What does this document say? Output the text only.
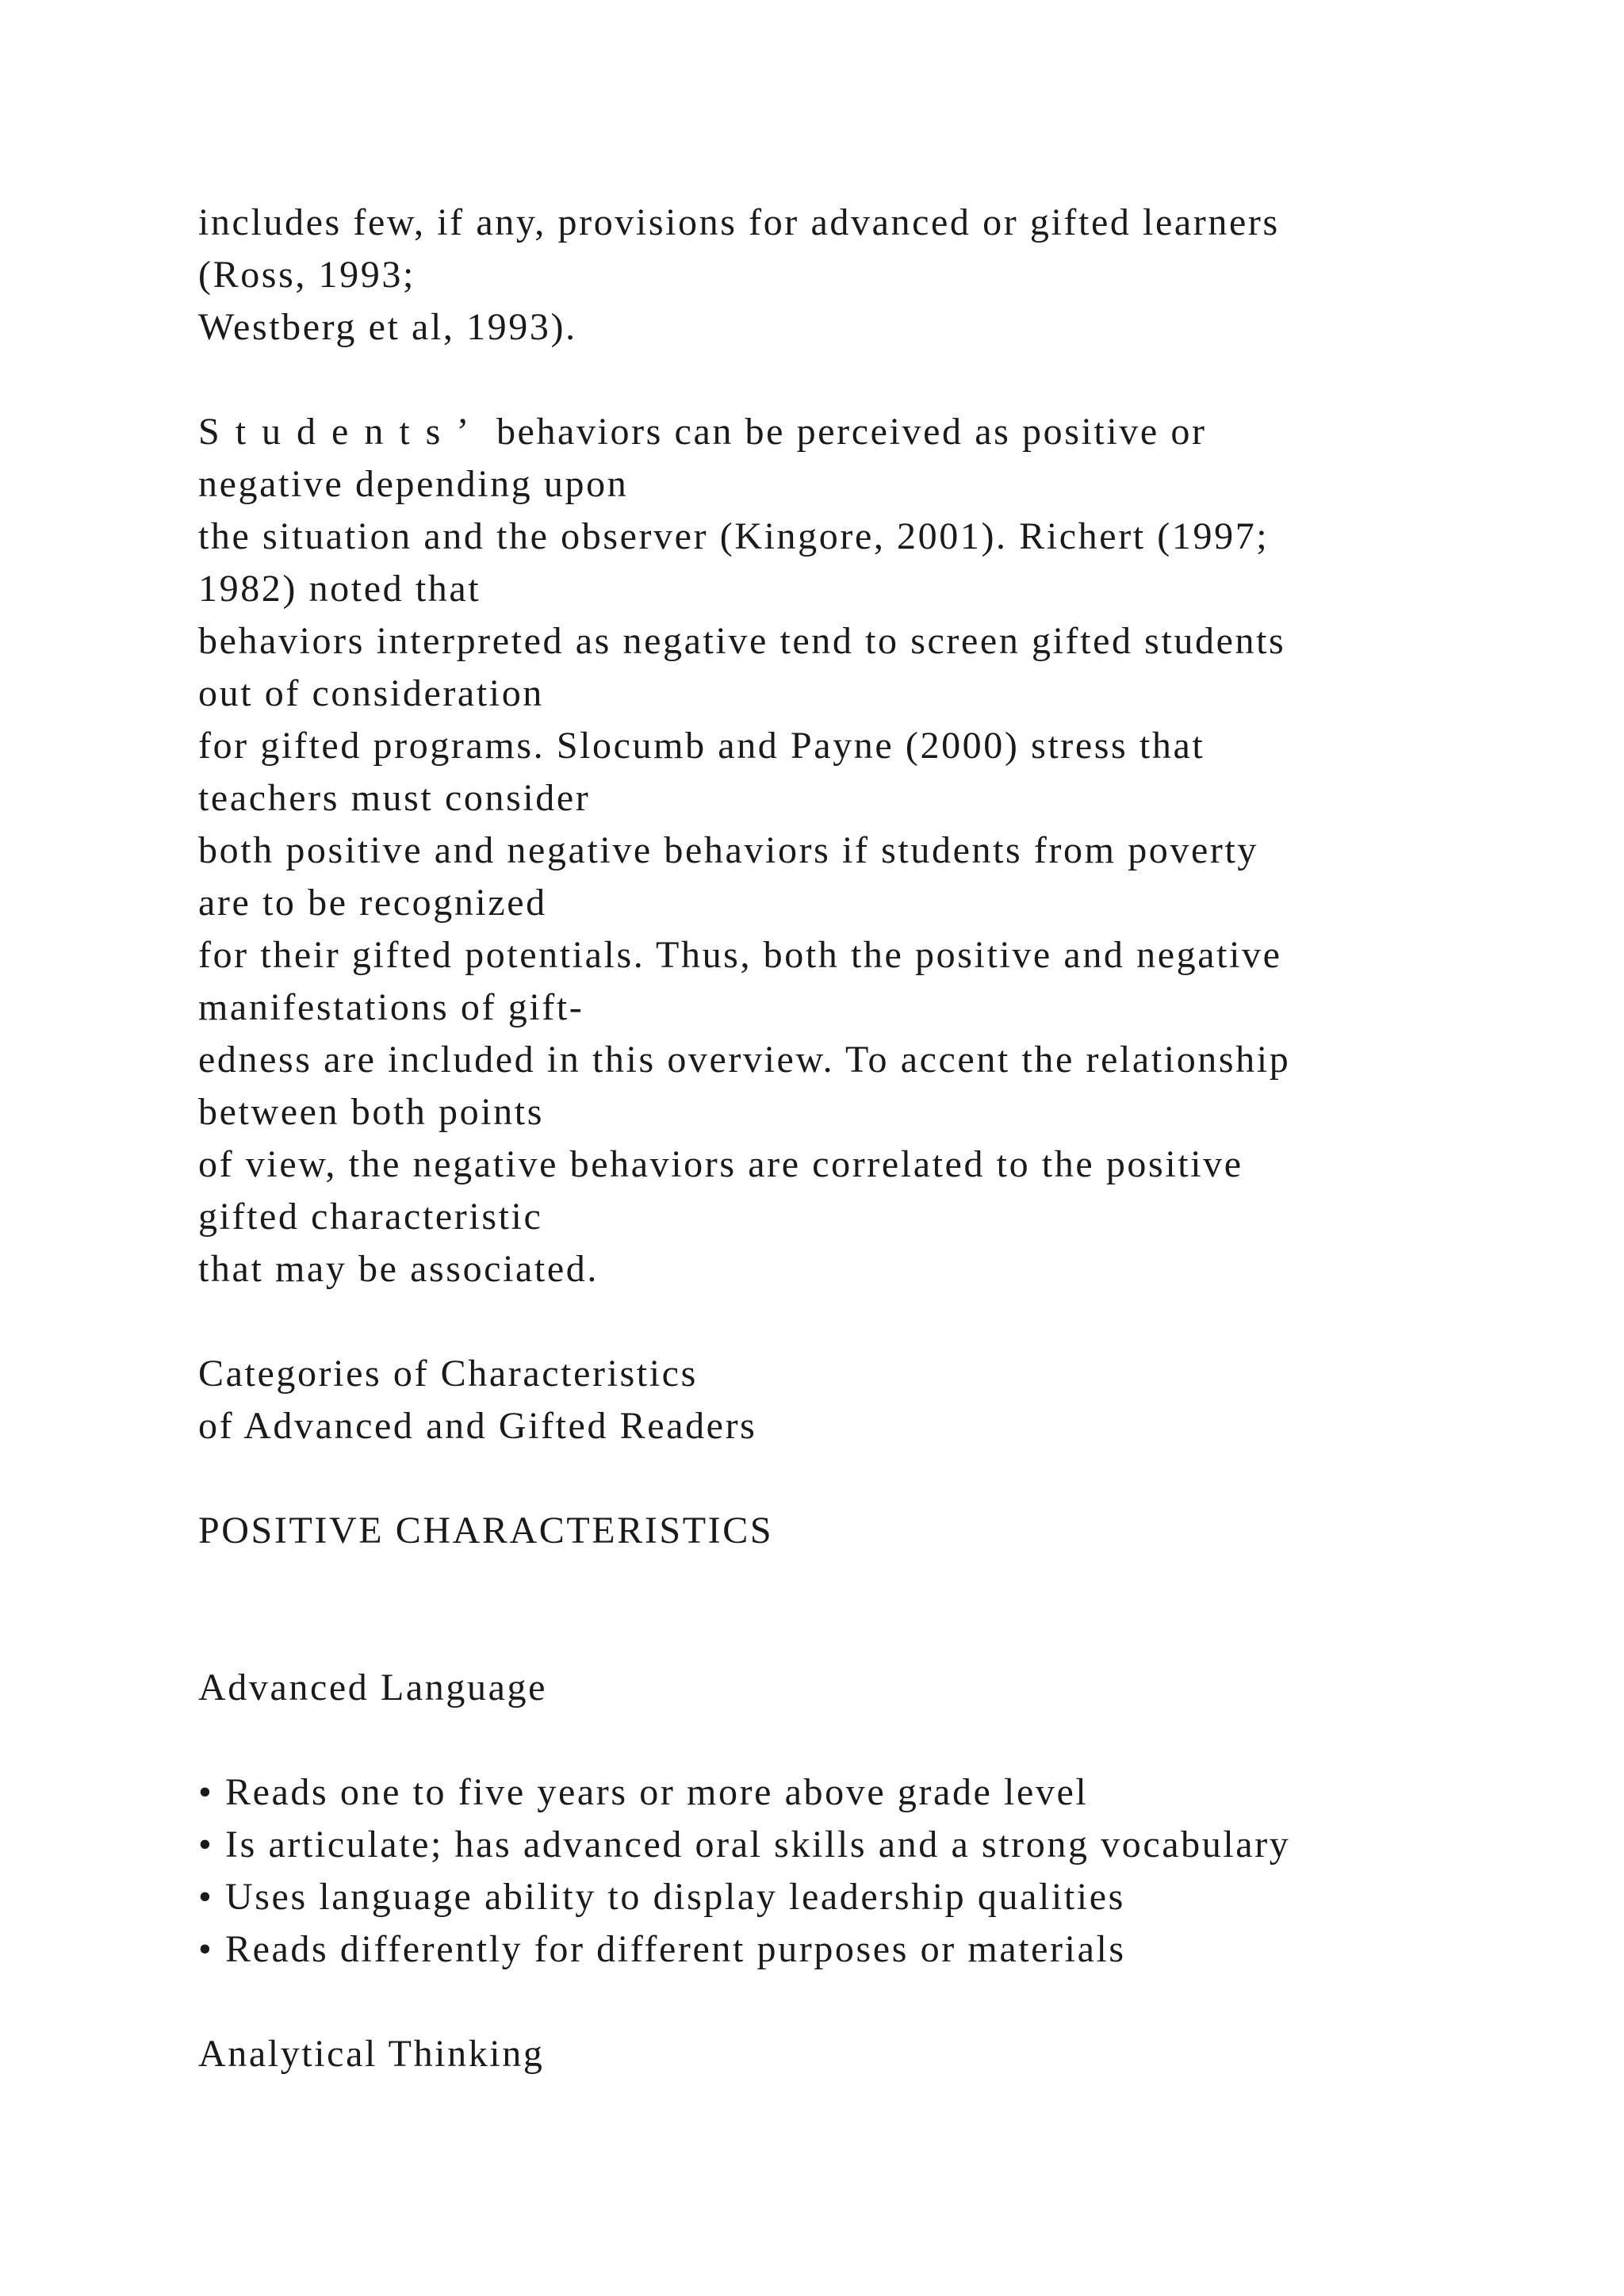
includes few, if any, provisions for advanced or gifted learners
(Ross, 1993;
Westberg et al, 1993).
Students’ behaviors can be perceived as positive or
negative depending upon
the situation and the observer (Kingore, 2001). Richert (1997;
1982) noted that
behaviors interpreted as negative tend to screen gifted students
out of consideration
for gifted programs. Slocumb and Payne (2000) stress that
teachers must consider
both positive and negative behaviors if students from poverty
are to be recognized
for their gifted potentials. Thus, both the positive and negative
manifestations of gift-
edness are included in this overview. To accent the relationship
between both points
of view, the negative behaviors are correlated to the positive
gifted characteristic
that may be associated.
Categories of Characteristics
of Advanced and Gifted Readers
POSITIVE CHARACTERISTICS
Advanced Language
• Reads one to five years or more above grade level
• Is articulate; has advanced oral skills and a strong vocabulary
• Uses language ability to display leadership qualities
• Reads differently for different purposes or materials
Analytical Thinking
